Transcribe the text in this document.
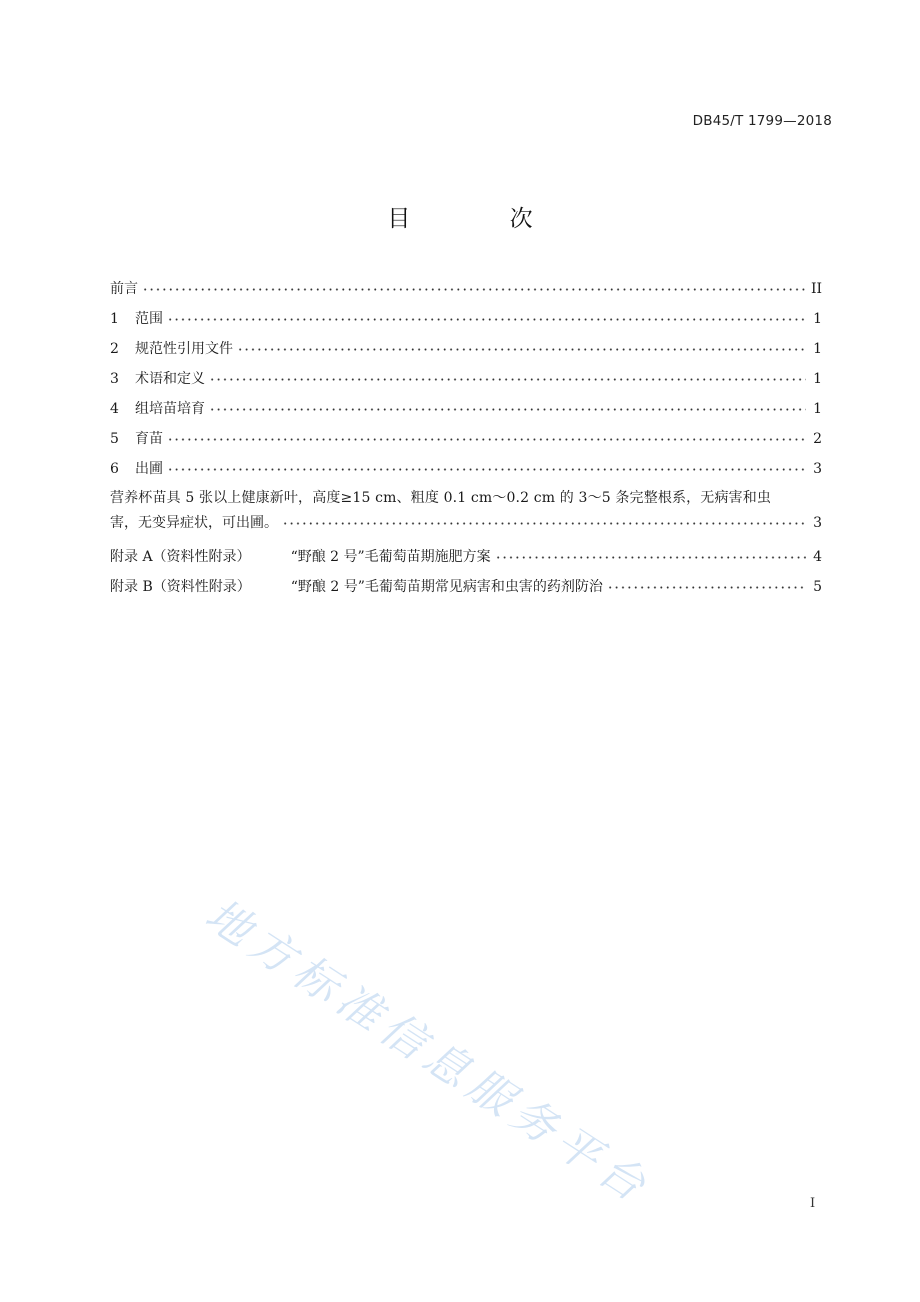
DB45/T 1799—2018
目 次
前言	II
1	范围	1
2	规范性引用文件	1
3	术语和定义	1
4	组培苗培育	1
5	育苗	2
6	出圃	3
营养杯苗具 5 张以上健康新叶，高度≥15 cm、粗度 0.1 cm～0.2 cm 的 3～5 条完整根系，无病害和虫
害，无变异症状，可出圃。	3
附录 A（资料性附录）	“野酿 2 号”毛葡萄苗期施肥方案	4
附录 B（资料性附录）	“野酿 2 号”毛葡萄苗期常见病害和虫害的药剂防治	5
地方标准信息服务平台	I
